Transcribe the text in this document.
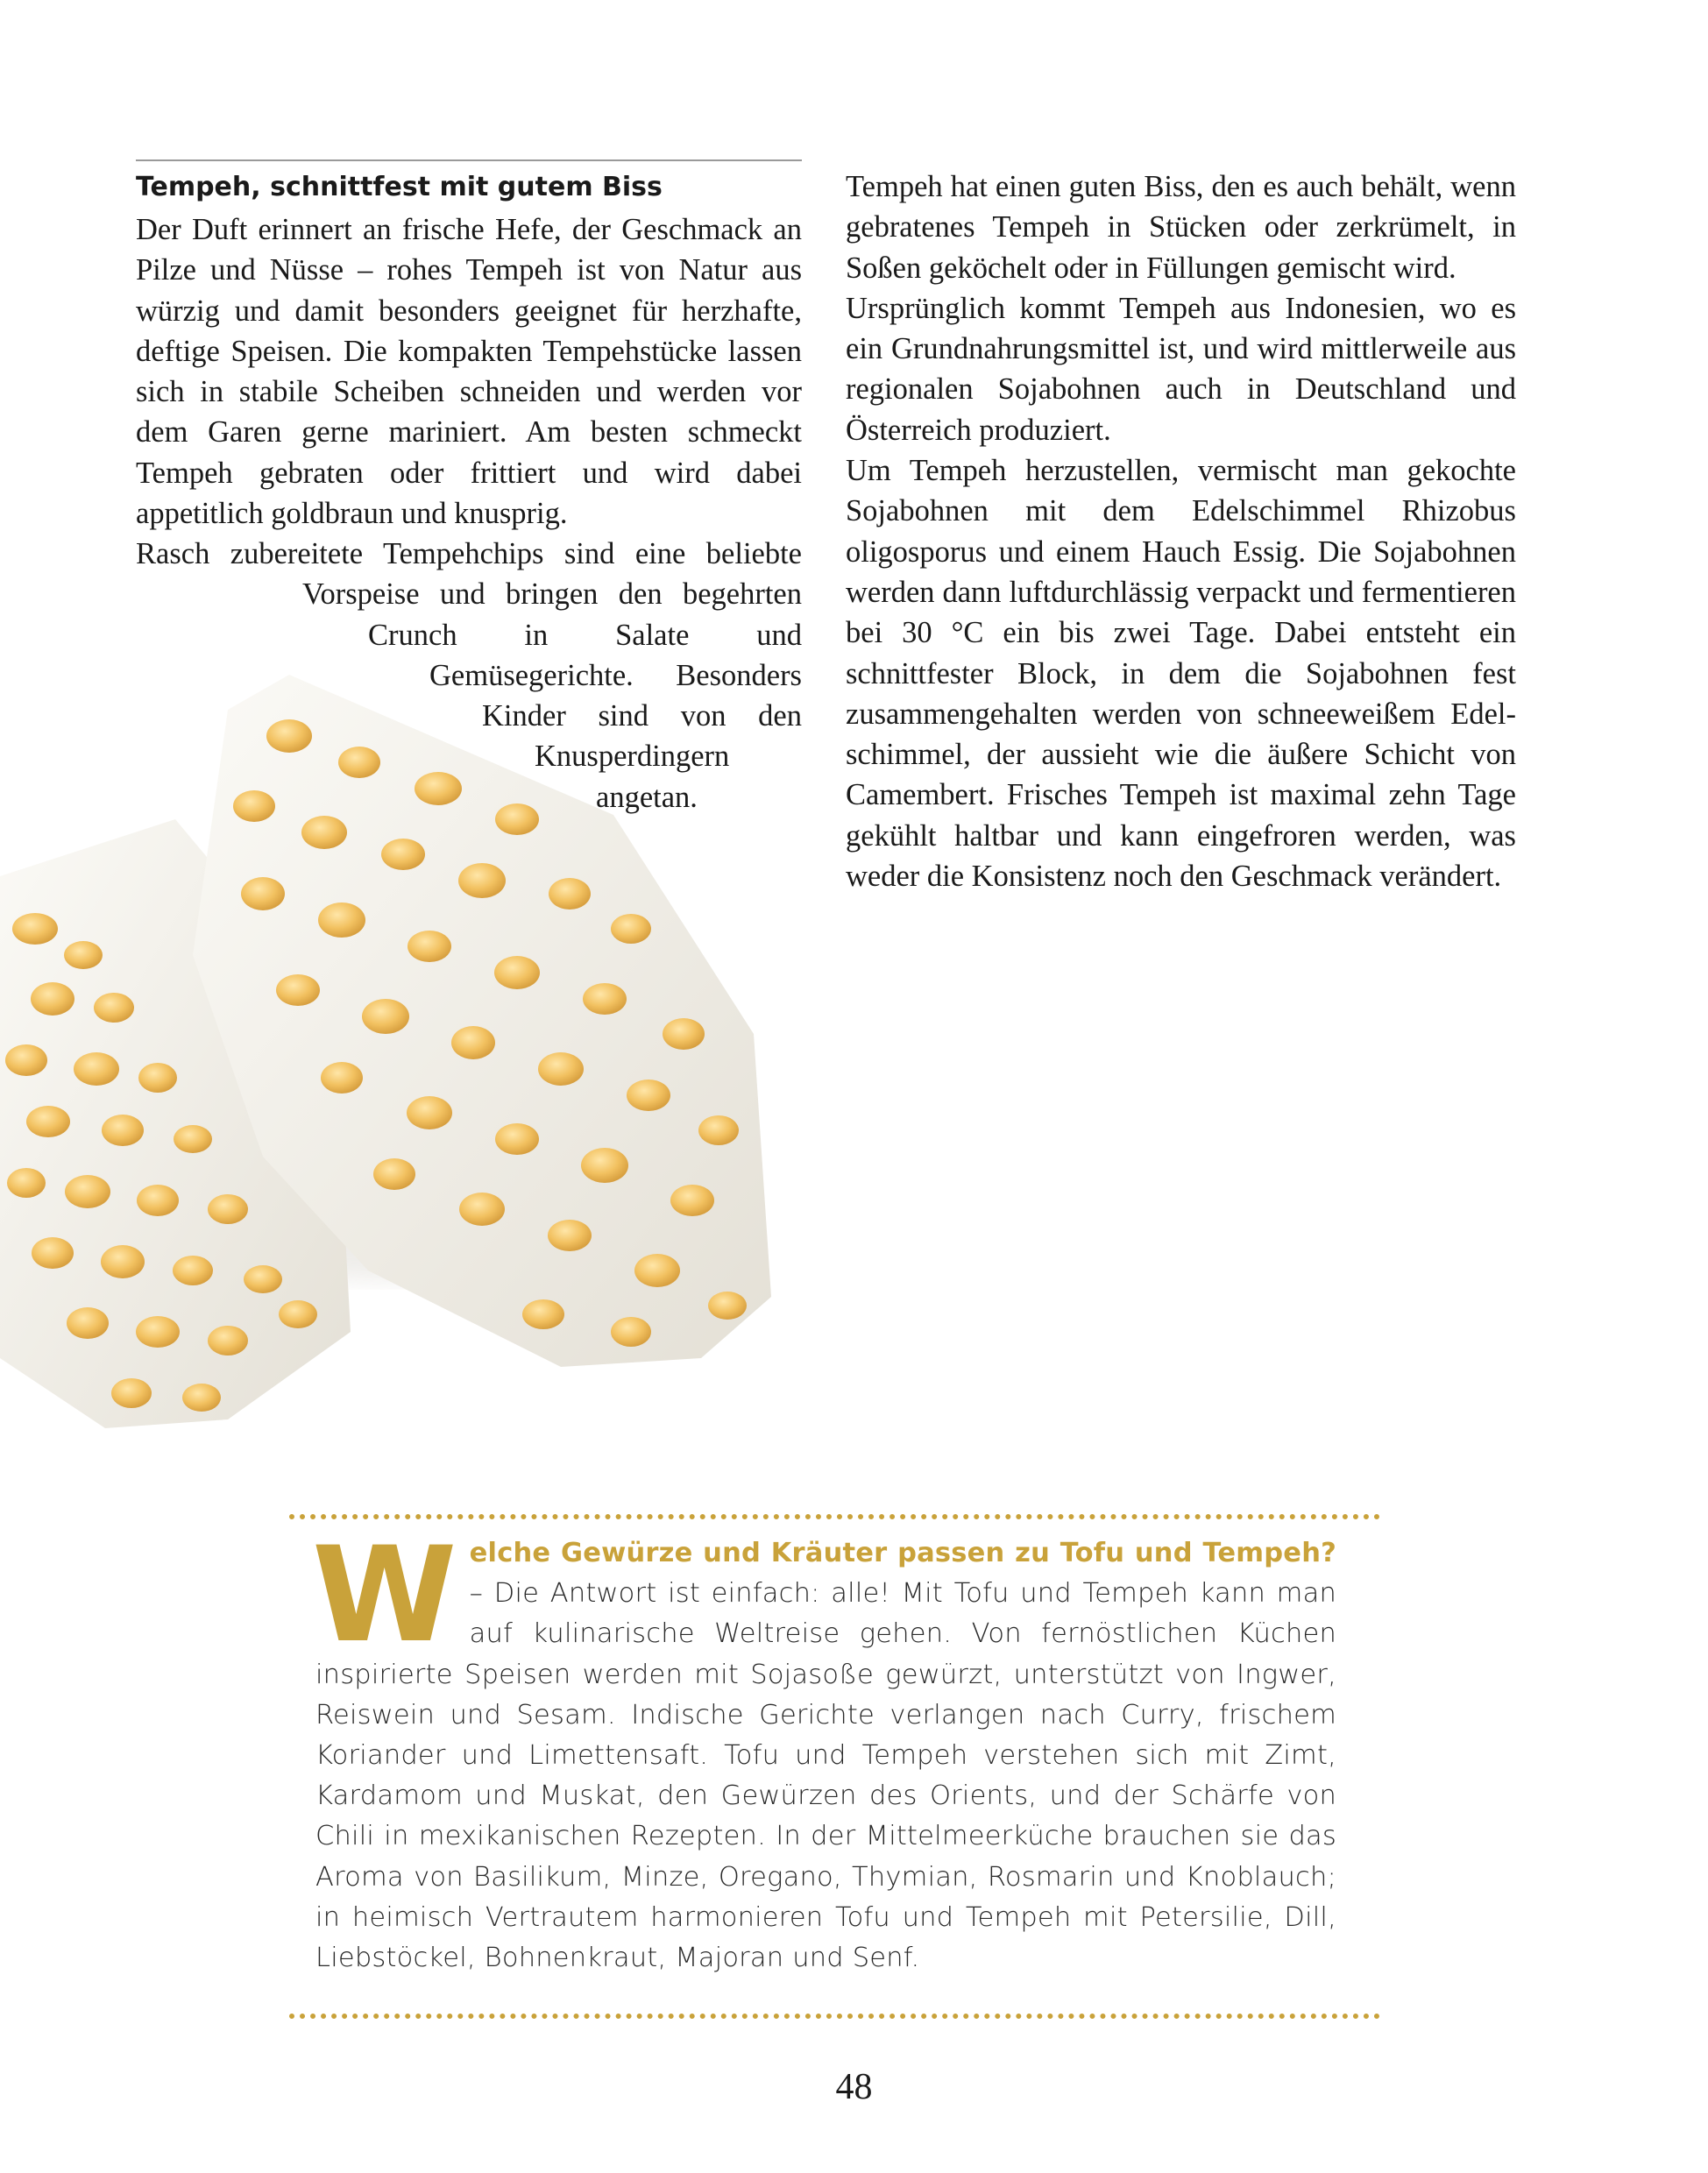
Tempeh, schnittfest mit gutem Biss

Der Duft erinnert an frische Hefe, der Geschmack an Pilze und Nüsse – rohes Tempeh ist von Natur aus würzig und damit besonders geeignet für herzhafte, deftige Speisen. Die kompakten Tempehstücke lassen sich in stabile Scheiben schneiden und werden vor dem Garen gerne mariniert. Am besten schmeckt Tempeh gebraten oder frittiert und wird dabei appetitlich goldbraun und knusprig.

Rasch zubereitete Tempehchips sind eine beliebte Vorspeise und bringen den begehrten Crunch in Salate und Gemüsegerichte. Besonders Kinder sind von den Knusperdingern angetan.

Tempeh hat einen guten Biss, den es auch behält, wenn gebratenes Tempeh in Stücken oder zerkrümelt, in Soßen geköchelt oder in Füllungen gemischt wird.

Ursprünglich kommt Tempeh aus Indonesien, wo es ein Grundnahrungsmittel ist, und wird mittlerweile aus regionalen Sojabohnen auch in Deutschland und Österreich produziert.

Um Tempeh herzustellen, vermischt man gekochte Sojabohnen mit dem Edelschimmel Rhizobus oligosporus und einem Hauch Essig. Die Sojabohnen werden dann luftdurchlässig verpackt und fermentieren bei 30 °C ein bis zwei Tage. Dabei entsteht ein schnittfester Block, in dem die Sojabohnen fest zusammengehalten werden von schneeweißem Edelschimmel, der aussieht wie die äußere Schicht von Camembert. Frisches Tempeh ist maximal zehn Tage gekühlt haltbar und kann eingefroren werden, was weder die Konsistenz noch den Geschmack verändert.

W elche Gewürze und Kräuter passen zu Tofu und Tempeh? – Die Antwort ist einfach: alle! Mit Tofu und Tempeh kann man auf kulinarische Weltreise gehen. Von fernöstlichen Küchen inspirierte Speisen werden mit Sojasoße gewürzt, unterstützt von Ingwer, Reiswein und Sesam. Indische Gerichte verlangen nach Curry, frischem Koriander und Limettensaft. Tofu und Tempeh verstehen sich mit Zimt, Kardamom und Muskat, den Gewürzen des Orients, und der Schärfe von Chili in mexikanischen Rezepten. In der Mittelmeerküche brauchen sie das Aroma von Basilikum, Minze, Oregano, Thymian, Rosmarin und Knoblauch; in heimisch Vertrautem harmonieren Tofu und Tempeh mit Petersilie, Dill, Liebstöckel, Bohnenkraut, Majoran und Senf.
48
